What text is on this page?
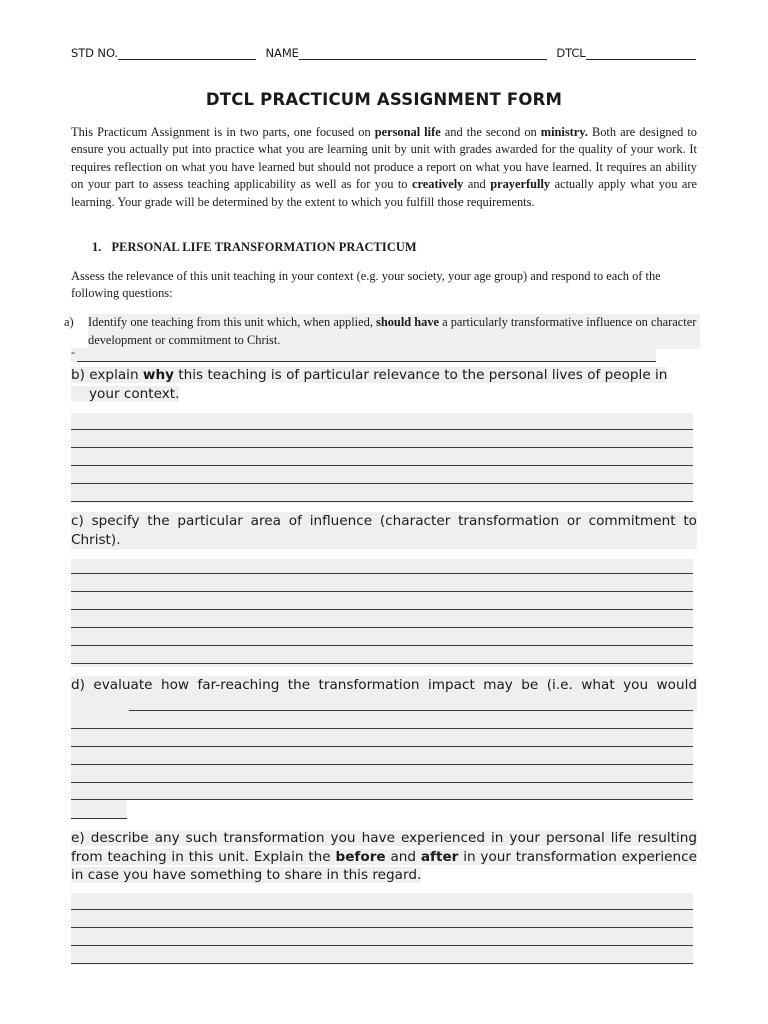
STD NO.	NAME	DTCL
DTCL PRACTICUM ASSIGNMENT FORM
This Practicum Assignment is in two parts, one focused on personal life and the second on ministry. Both are designed to ensure you actually put into practice what you are learning unit by unit with grades awarded for the quality of your work. It requires reflection on what you have learned but should not produce a report on what you have learned. It requires an ability on your part to assess teaching applicability as well as for you to creatively and prayerfully actually apply what you are learning. Your grade will be determined by the extent to which you fulfill those requirements.
1. PERSONAL LIFE TRANSFORMATION PRACTICUM
Assess the relevance of this unit teaching in your context (e.g. your society, your age group) and respond to each of the following questions:
a) Identify one teaching from this unit which, when applied, should have a particularly transformative influence on character development or commitment to Christ.
-
b) explain why this teaching is of particular relevance to the personal lives of people in
your context.
c) specify the particular area of influence (character transformation or commitment to Christ).
d) evaluate how far-reaching the transformation impact may be (i.e. what you would
e) describe any such transformation you have experienced in your personal life resulting from teaching in this unit. Explain the before and after in your transformation experience in case you have something to share in this regard.
